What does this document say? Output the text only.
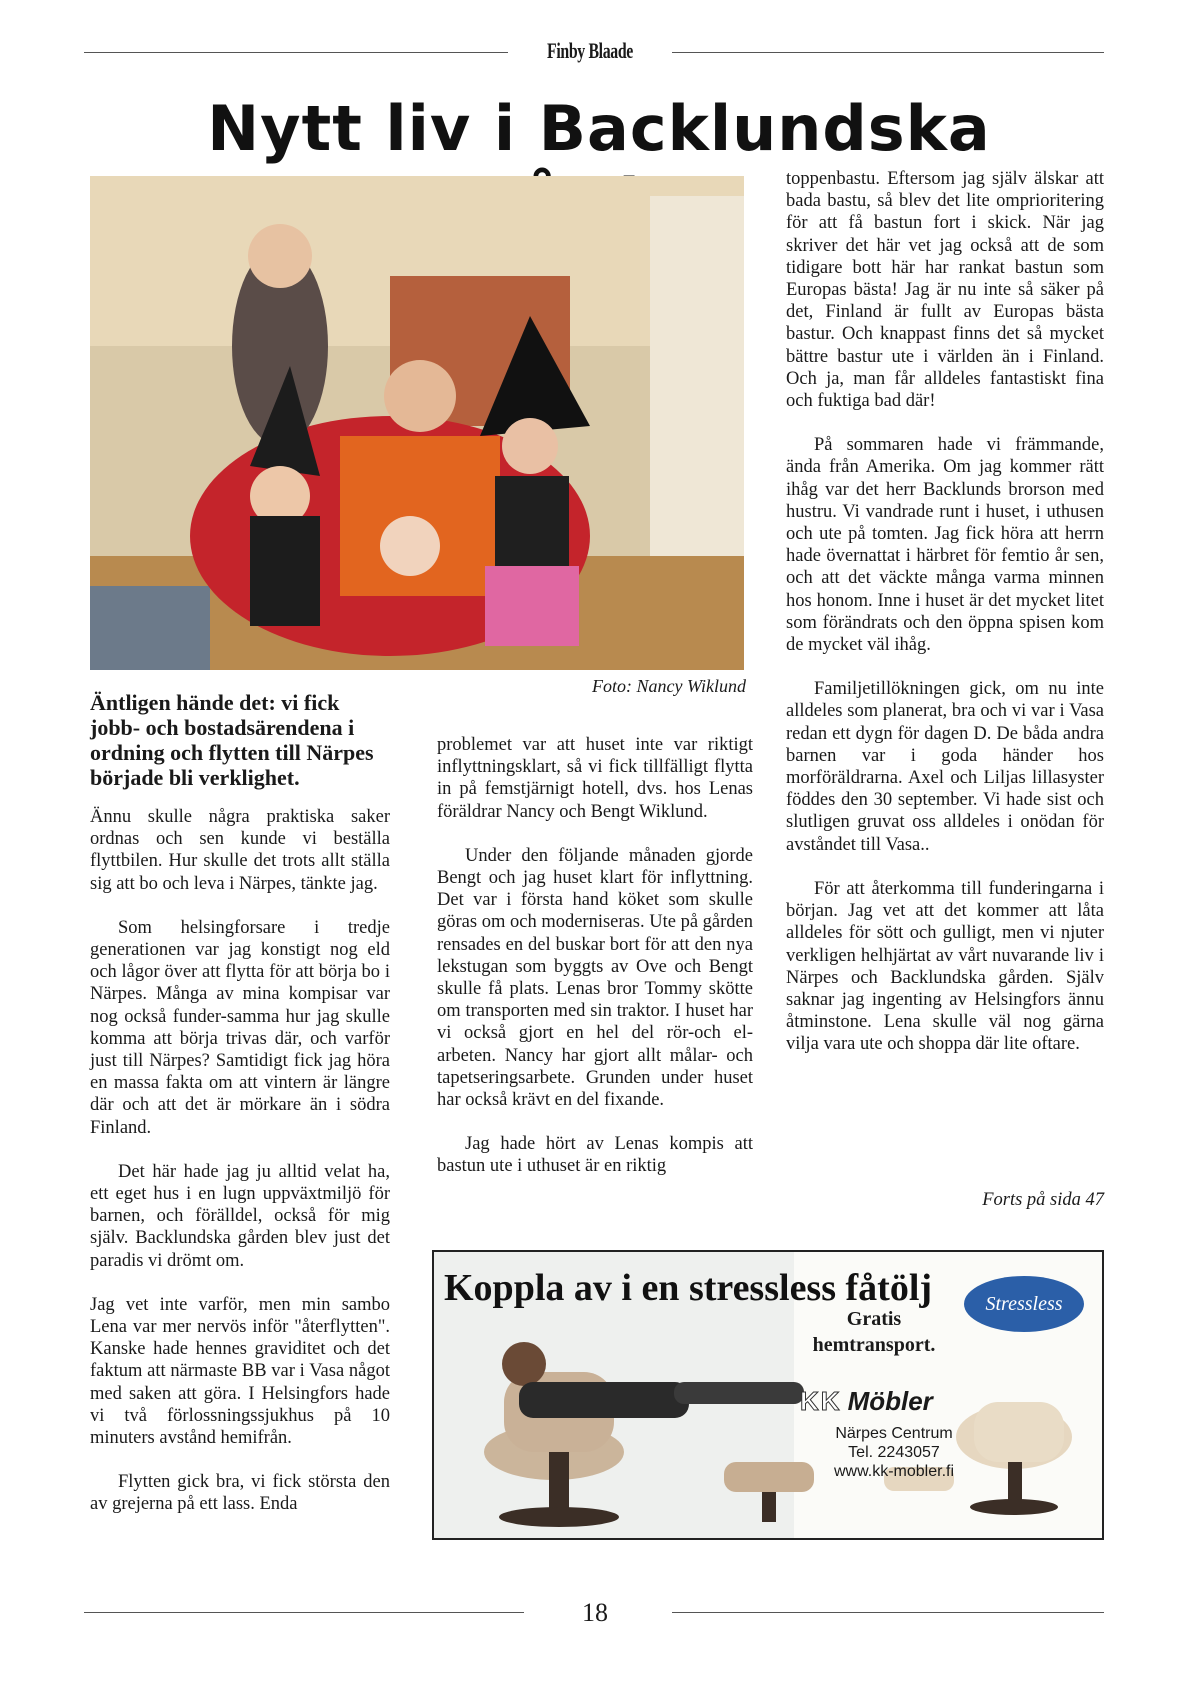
Finby Blaade
Nytt liv i Backlundska
Foto: Nancy Wiklund
Äntligen hände det: vi fick jobb- och bostadsärendena i ordning och flytten till Närpes började bli verklighet.

Ännu skulle några praktiska saker ordnas och sen kunde vi beställa flyttbilen. Hur skulle det trots allt ställa sig att bo och leva i Närpes, tänkte jag.

Som helsingforsare i tredje generationen var jag konstigt nog eld och lågor över att flytta för att börja bo i Närpes. Många av mina kompisar var nog också funder-samma hur jag skulle komma att börja trivas där, och varför just till Närpes? Samtidigt fick jag höra en massa fakta om att vintern är längre där och att det är mörkare än i södra Finland.

Det här hade jag ju alltid velat ha, ett eget hus i en lugn uppväxtmiljö för barnen, och förälldel, också för mig själv. Backlundska gården blev just det paradis vi drömt om.

Jag vet inte varför, men min sambo Lena var mer nervös inför "återflytten". Kanske hade hennes graviditet och det faktum att närmaste BB var i Vasa något med saken att göra. I Helsingfors hade vi två förlossningssjukhus på 10 minuters avstånd hemifrån.

Flytten gick bra, vi fick största den av grejerna på ett lass. Enda

problemet var att huset inte var riktigt inflyttningsklart, så vi fick tillfälligt flytta in på femstjärnigt hotell, dvs. hos Lenas föräldrar Nancy och Bengt Wiklund.

Under den följande månaden gjorde Bengt och jag huset klart för inflyttning. Det var i första hand köket som skulle göras om och moderniseras. Ute på gården rensades en del buskar bort för att den nya lekstugan som byggts av Ove och Bengt skulle få plats. Lenas bror Tommy skötte om transporten med sin traktor. I huset har vi också gjort en hel del rör-och el-arbeten. Nancy har gjort allt målar- och tapetseringsarbete. Grunden under huset har också krävt en del fixande.

Jag hade hört av Lenas kompis att bastun ute i uthuset är en riktig

toppenbastu. Eftersom jag själv älskar att bada bastu, så blev det lite omprioritering för att få bastun fort i skick. När jag skriver det här vet jag också att de som tidigare bott här har rankat bastun som Europas bästa! Jag är nu inte så säker på det, Finland är fullt av Europas bästa bastur. Och knappast finns det så mycket bättre bastur ute i världen än i Finland. Och ja, man får alldeles fantastiskt fina och fuktiga bad där!

På sommaren hade vi främmande, ända från Amerika. Om jag kommer rätt ihåg var det herr Backlunds brorson med hustru. Vi vandrade runt i huset, i uthusen och ute på tomten. Jag fick höra att herrn hade övernattat i härbret för femtio år sen, och att det väckte många varma minnen hos honom. Inne i huset är det mycket litet som förändrats och den öppna spisen kom de mycket väl ihåg.

Familjetillökningen gick, om nu inte alldeles som planerat, bra och vi var i Vasa redan ett dygn för dagen D. De båda andra barnen var i goda händer hos morföräldrarna. Axel och Liljas lillasyster föddes den 30 september. Vi hade sist och slutligen gruvat oss alldeles i onödan för avståndet till Vasa..

För att återkomma till funderingarna i början. Jag vet att det kommer att låta alldeles för sött och gulligt, men vi njuter verkligen helhjärtat av vårt nuvarande liv i Närpes och Backlundska gården. Själv saknar jag ingenting av Helsingfors ännu åtminstone. Lena skulle väl nog gärna vilja vara ute och shoppa där lite oftare.

Forts på sida 47
Koppla av i en stressless fåtölj
Gratis
hemtransport.
Stressless
KK Möbler
Närpes Centrum
Tel. 2243057
www.kk-mobler.fi
18
